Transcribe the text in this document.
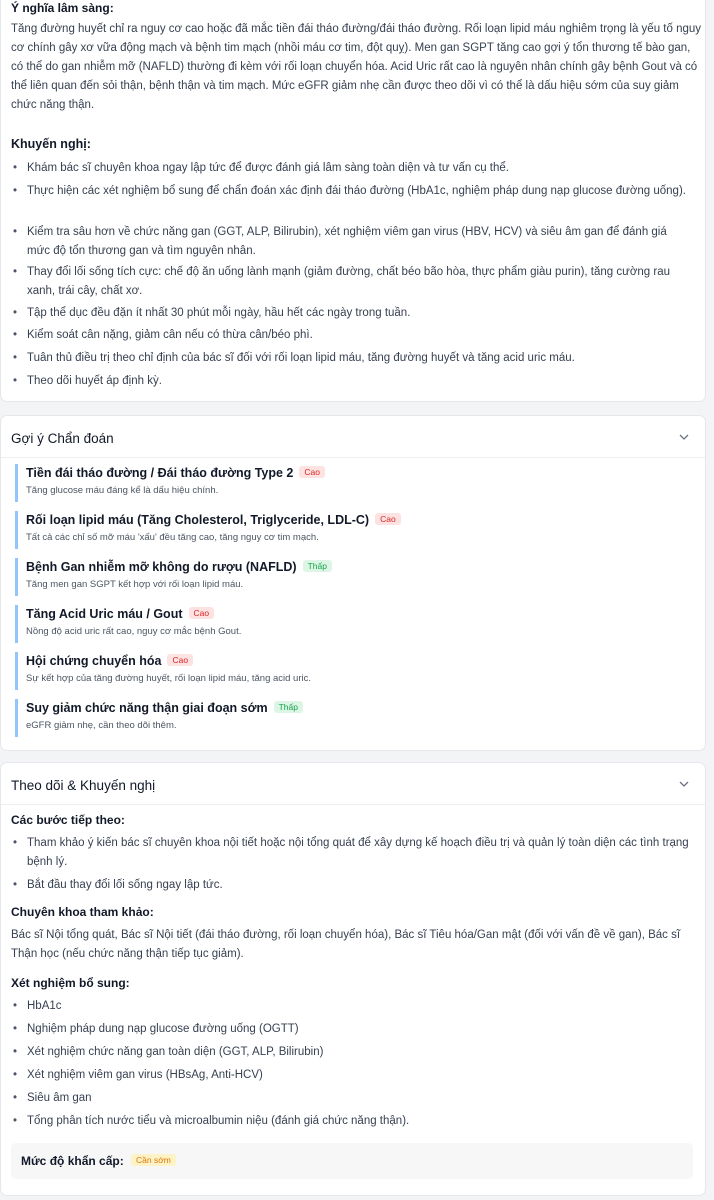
Ý nghĩa lâm sàng:
Tăng đường huyết chỉ ra nguy cơ cao hoặc đã mắc tiền đái tháo đường/đái tháo đường. Rối loạn lipid máu nghiêm trọng là yếu tố nguy cơ chính gây xơ vữa động mạch và bệnh tim mạch (nhồi máu cơ tim, đột quỵ). Men gan SGPT tăng cao gợi ý tổn thương tế bào gan, có thể do gan nhiễm mỡ (NAFLD) thường đi kèm với rối loạn chuyển hóa. Acid Uric rất cao là nguyên nhân chính gây bệnh Gout và có thể liên quan đến sỏi thận, bệnh thận và tim mạch. Mức eGFR giảm nhẹ cần được theo dõi vì có thể là dấu hiệu sớm của suy giảm chức năng thận.
Khuyến nghị:
• Khám bác sĩ chuyên khoa ngay lập tức để được đánh giá lâm sàng toàn diện và tư vấn cụ thể.
• Thực hiện các xét nghiệm bổ sung để chẩn đoán xác định đái tháo đường (HbA1c, nghiệm pháp dung nạp glucose đường uống).
• Kiểm tra sâu hơn về chức năng gan (GGT, ALP, Bilirubin), xét nghiệm viêm gan virus (HBV, HCV) và siêu âm gan để đánh giá mức độ tổn thương gan và tìm nguyên nhân.
• Thay đổi lối sống tích cực: chế độ ăn uống lành mạnh (giảm đường, chất béo bão hòa, thực phẩm giàu purin), tăng cường rau xanh, trái cây, chất xơ.
• Tập thể dục đều đặn ít nhất 30 phút mỗi ngày, hầu hết các ngày trong tuần.
• Kiểm soát cân nặng, giảm cân nếu có thừa cân/béo phì.
• Tuân thủ điều trị theo chỉ định của bác sĩ đối với rối loạn lipid máu, tăng đường huyết và tăng acid uric máu.
• Theo dõi huyết áp định kỳ.
Gợi ý Chẩn đoán
Tiền đái tháo đường / Đái tháo đường Type 2 Cao
Tăng glucose máu đáng kể là dấu hiệu chính.
Rối loạn lipid máu (Tăng Cholesterol, Triglyceride, LDL-C) Cao
Tất cả các chỉ số mỡ máu 'xấu' đều tăng cao, tăng nguy cơ tim mạch.
Bệnh Gan nhiễm mỡ không do rượu (NAFLD) Thấp
Tăng men gan SGPT kết hợp với rối loạn lipid máu.
Tăng Acid Uric máu / Gout Cao
Nồng độ acid uric rất cao, nguy cơ mắc bệnh Gout.
Hội chứng chuyển hóa Cao
Sự kết hợp của tăng đường huyết, rối loạn lipid máu, tăng acid uric.
Suy giảm chức năng thận giai đoạn sớm Thấp
eGFR giảm nhẹ, cần theo dõi thêm.
Theo dõi & Khuyến nghị
Các bước tiếp theo:
• Tham khảo ý kiến bác sĩ chuyên khoa nội tiết hoặc nội tổng quát để xây dựng kế hoạch điều trị và quản lý toàn diện các tình trạng bệnh lý.
• Bắt đầu thay đổi lối sống ngay lập tức.
Chuyên khoa tham khảo:
Bác sĩ Nội tổng quát, Bác sĩ Nội tiết (đái tháo đường, rối loạn chuyển hóa), Bác sĩ Tiêu hóa/Gan mật (đối với vấn đề về gan), Bác sĩ Thận học (nếu chức năng thận tiếp tục giảm).
Xét nghiệm bổ sung:
• HbA1c
• Nghiệm pháp dung nạp glucose đường uống (OGTT)
• Xét nghiệm chức năng gan toàn diện (GGT, ALP, Bilirubin)
• Xét nghiệm viêm gan virus (HBsAg, Anti-HCV)
• Siêu âm gan
• Tổng phân tích nước tiểu và microalbumin niệu (đánh giá chức năng thận).
Mức độ khẩn cấp:	Cần sớm
